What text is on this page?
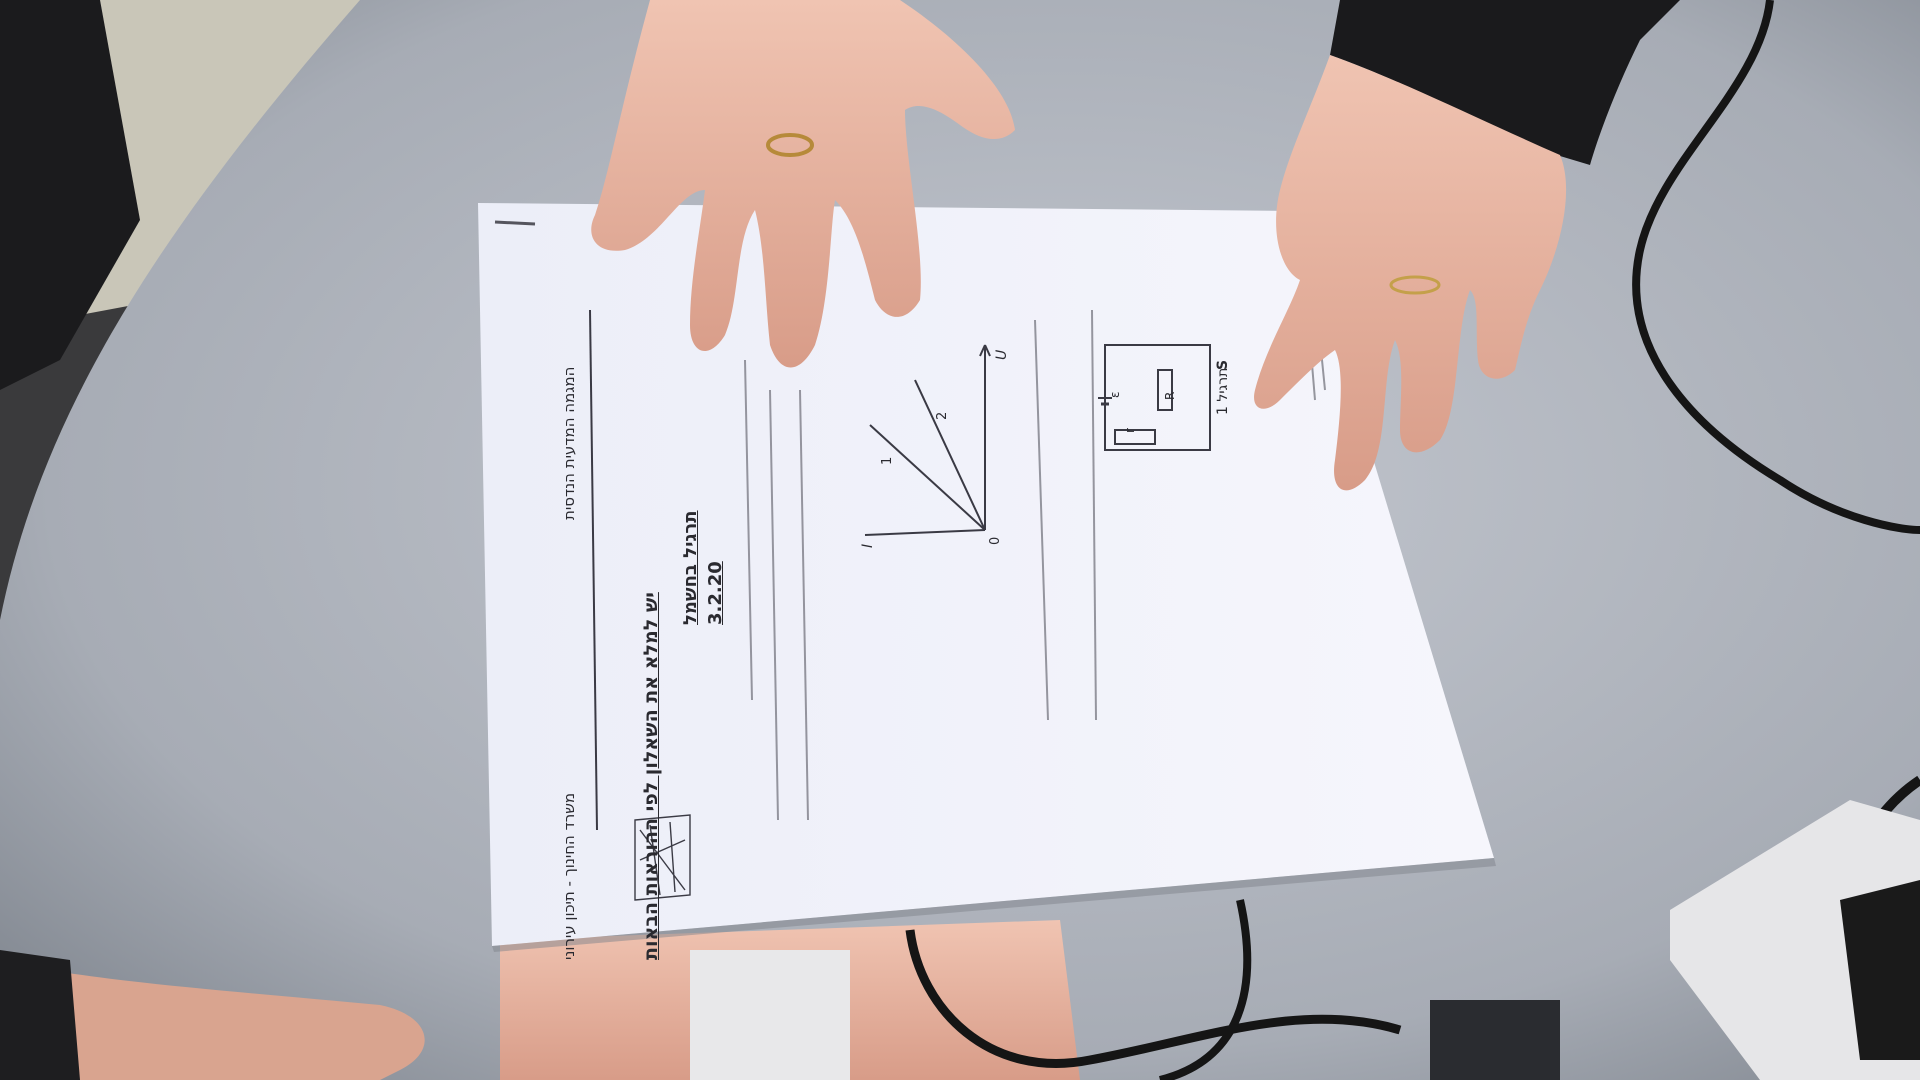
משרד החינוך - תיכון עירוני
המגמה המדעית הנדסית
יש למלא את השאלון לפי ההוראות הבאות
תרגיל בחשמל 3.2.20
תרגיל 1
S
R
ε
r
U
I
0
2
1
